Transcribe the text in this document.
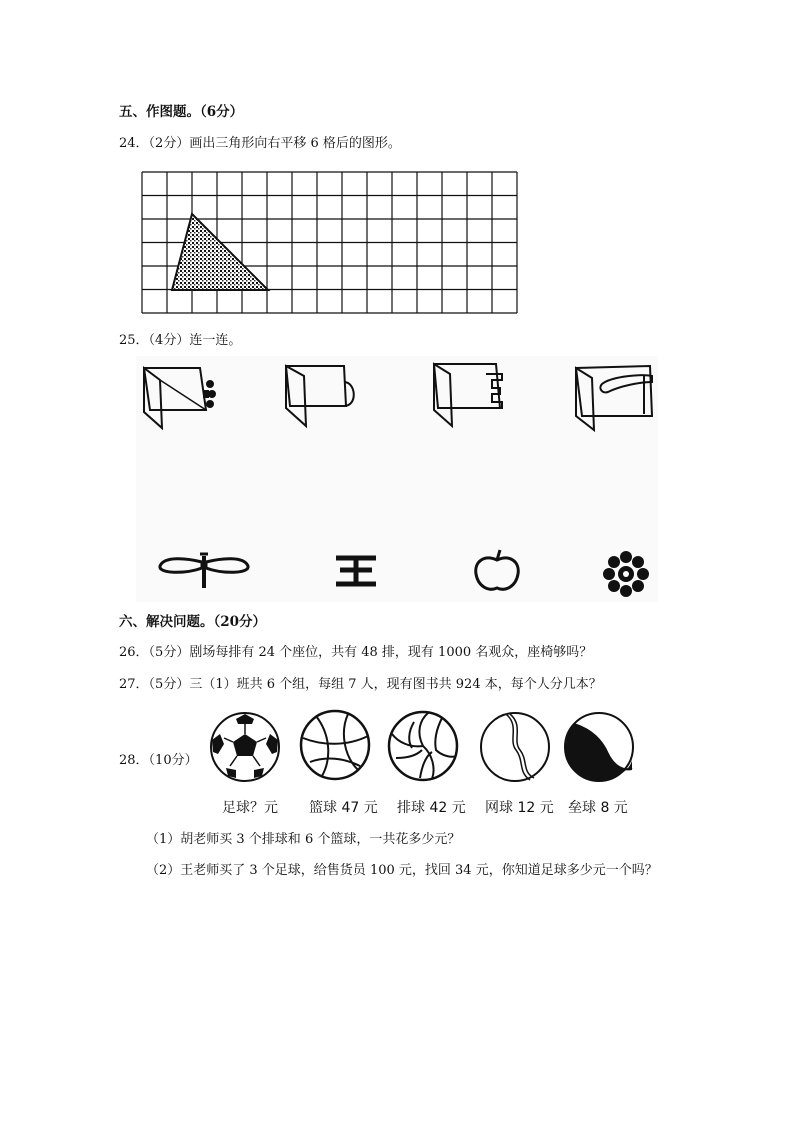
五、作图题。（6分）
24．（2分）画出三角形向右平移 6 格后的图形。
25．（4分）连一连。
六、解决问题。（20分）
26．（5分）剧场每排有 24 个座位，共有 48 排，现有 1000 名观众，座椅够吗？
27．（5分）三（1）班共 6 个组，每组 7 人，现有图书共 924 本，每个人分几本？
28．（10分）
足球？元 篮球 47 元 排球 42 元 网球 12 元 垒球 8 元
（1）胡老师买 3 个排球和 6 个篮球，一共花多少元？
（2）王老师买了 3 个足球，给售货员 100 元，找回 34 元，你知道足球多少元一个吗？
